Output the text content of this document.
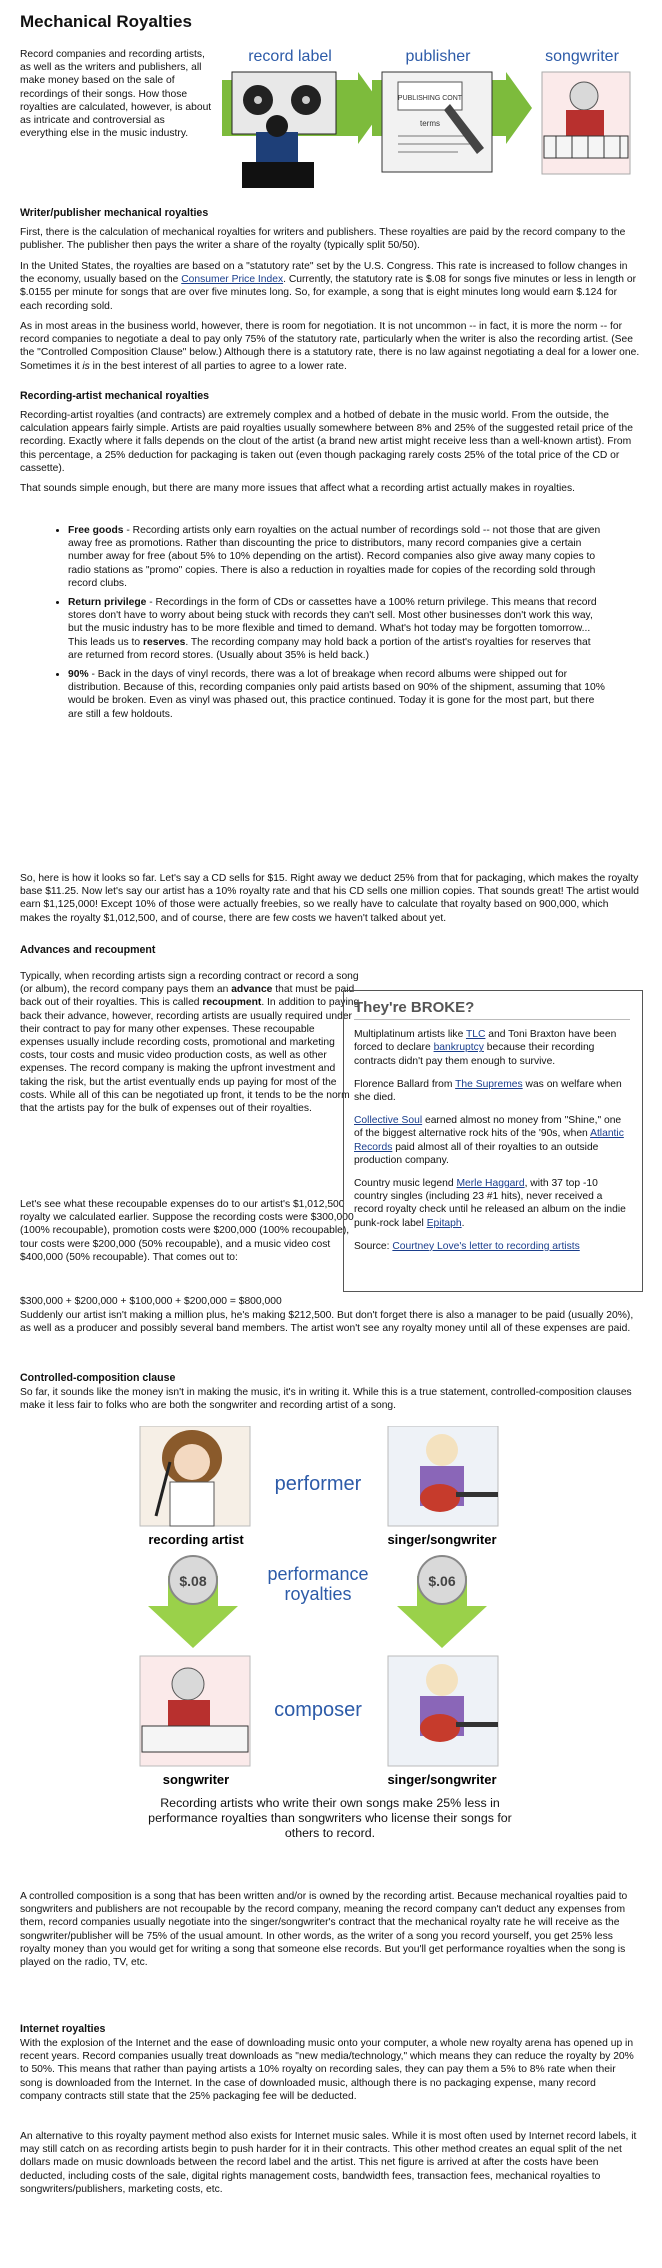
Mechanical Royalties

Record companies and recording artists, as well as the writers and publishers, all make money based on the sale of recordings of their songs. How those royalties are calculated, however, is about as intricate and controversial as everything else in the music industry.

record label	publisher	songwriter
PUBLISHING CONT
terms
Writer/publisher mechanical royalties

First, there is the calculation of mechanical royalties for writers and publishers. These royalties are paid by the record company to the publisher. The publisher then pays the writer a share of the royalty (typically split 50/50).

In the United States, the royalties are based on a "statutory rate" set by the U.S. Congress. This rate is increased to follow changes in the economy, usually based on the Consumer Price Index. Currently, the statutory rate is $.08 for songs five minutes or less in length or $.0155 per minute for songs that are over five minutes long. So, for example, a song that is eight minutes long would earn $.124 for each recording sold.

As in most areas in the business world, however, there is room for negotiation. It is not uncommon -- in fact, it is more the norm -- for record companies to negotiate a deal to pay only 75% of the statutory rate, particularly when the writer is also the recording artist. (See the "Controlled Composition Clause" below.) Although there is a statutory rate, there is no law against negotiating a deal for a lower one. Sometimes it is in the best interest of all parties to agree to a lower rate.

Recording-artist mechanical royalties

Recording-artist royalties (and contracts) are extremely complex and a hotbed of debate in the music world. From the outside, the calculation appears fairly simple. Artists are paid royalties usually somewhere between 8% and 25% of the suggested retail price of the recording. Exactly where it falls depends on the clout of the artist (a brand new artist might receive less than a well-known artist). From this percentage, a 25% deduction for packaging is taken out (even though packaging rarely costs 25% of the total price of the CD or cassette).

That sounds simple enough, but there are many more issues that affect what a recording artist actually makes in royalties.

• Free goods - Recording artists only earn royalties on the actual number of recordings sold -- not those that are given away free as promotions. Rather than discounting the price to distributors, many record companies give a certain number away for free (about 5% to 10% depending on the artist). Record companies also give away many copies to radio stations as "promo" copies. There is also a reduction in royalties made for copies of the recording sold through record clubs.
• Return privilege - Recordings in the form of CDs or cassettes have a 100% return privilege. This means that record stores don't have to worry about being stuck with records they can't sell. Most other businesses don't work this way, but the music industry has to be more flexible and timed to demand. What's hot today may be forgotten tomorrow... This leads us to reserves. The recording company may hold back a portion of the artist's royalties for reserves that are returned from record stores. (Usually about 35% is held back.)
• 90% - Back in the days of vinyl records, there was a lot of breakage when record albums were shipped out for distribution. Because of this, recording companies only paid artists based on 90% of the shipment, assuming that 10% would be broken. Even as vinyl was phased out, this practice continued. Today it is gone for the most part, but there are still a few holdouts.

So, here is how it looks so far. Let's say a CD sells for $15. Right away we deduct 25% from that for packaging, which makes the royalty base $11.25. Now let's say our artist has a 10% royalty rate and that his CD sells one million copies. That sounds great! The artist would earn $1,125,000! Except 10% of those were actually freebies, so we really have to calculate that royalty based on 900,000, which makes the royalty $1,012,500, and of course, there are few costs we haven't talked about yet.

Advances and recoupment

Typically, when recording artists sign a recording contract or record a song (or album), the record company pays them an advance that must be paid back out of their royalties. This is called recoupment. In addition to paying back their advance, however, recording artists are usually required under their contract to pay for many other expenses. These recoupable expenses usually include recording costs, promotional and marketing costs, tour costs and music video production costs, as well as other expenses. The record company is making the upfront investment and taking the risk, but the artist eventually ends up paying for most of the costs. While all of this can be negotiated up front, it tends to be the norm that the artists pay for the bulk of expenses out of their royalties.

Let's see what these recoupable expenses do to our artist's $1,012,500 royalty we calculated earlier. Suppose the recording costs were $300,000 (100% recoupable), promotion costs were $200,000 (100% recoupable), tour costs were $200,000 (50% recoupable), and a music video cost $400,000 (50% recoupable). That comes out to:

$300,000 + $200,000 + $100,000 + $200,000 = $800,000

Suddenly our artist isn't making a million plus, he's making $212,500. But don't forget there is also a manager to be paid (usually 20%), as well as a producer and possibly several band members. The artist won't see any royalty money until all of these expenses are paid.

They're BROKE?

Multiplatinum artists like TLC and Toni Braxton have been forced to declare bankruptcy because their recording contracts didn't pay them enough to survive.

Florence Ballard from The Supremes was on welfare when she died.

Collective Soul earned almost no money from "Shine," one of the biggest alternative rock hits of the '90s, when Atlantic Records paid almost all of their royalties to an outside production company.

Country music legend Merle Haggard, with 37 top -10 country singles (including 23 #1 hits), never received a record royalty check until he released an album on the indie punk-rock label Epitaph.

Source: Courtney Love's letter to recording artists

Controlled-composition clause

So far, it sounds like the money isn't in making the music, it's in writing it. While this is a true statement, controlled-composition clauses make it less fair to folks who are both the songwriter and recording artist of a song.

performer
recording artist	singer/songwriter
$.08	$.06
performance
royalties
composer
songwriter	singer/songwriter
Recording artists who write their own songs make 25% less in performance royalties than songwriters who license their songs for others to record.

A controlled composition is a song that has been written and/or is owned by the recording artist. Because mechanical royalties paid to songwriters and publishers are not recoupable by the record company, meaning the record company can't deduct any expenses from them, record companies usually negotiate into the singer/songwriter's contract that the mechanical royalty rate he will receive as the songwriter/publisher will be 75% of the usual amount. In other words, as the writer of a song you record yourself, you get 25% less royalty money than you would get for writing a song that someone else records. But you'll get performance royalties when the song is played on the radio, TV, etc.

Internet royalties

With the explosion of the Internet and the ease of downloading music onto your computer, a whole new royalty arena has opened up in recent years. Record companies usually treat downloads as "new media/technology," which means they can reduce the royalty by 20% to 50%. This means that rather than paying artists a 10% royalty on recording sales, they can pay them a 5% to 8% rate when their song is downloaded from the Internet. In the case of downloaded music, although there is no packaging expense, many record company contracts still state that the 25% packaging fee will be deducted.

An alternative to this royalty payment method also exists for Internet music sales. While it is most often used by Internet record labels, it may still catch on as recording artists begin to push harder for it in their contracts. This other method creates an equal split of the net dollars made on music downloads between the record label and the artist. This net figure is arrived at after the costs have been deducted, including costs of the sale, digital rights management costs, bandwidth fees, transaction fees, mechanical royalties to songwriters/publishers, marketing costs, etc.
